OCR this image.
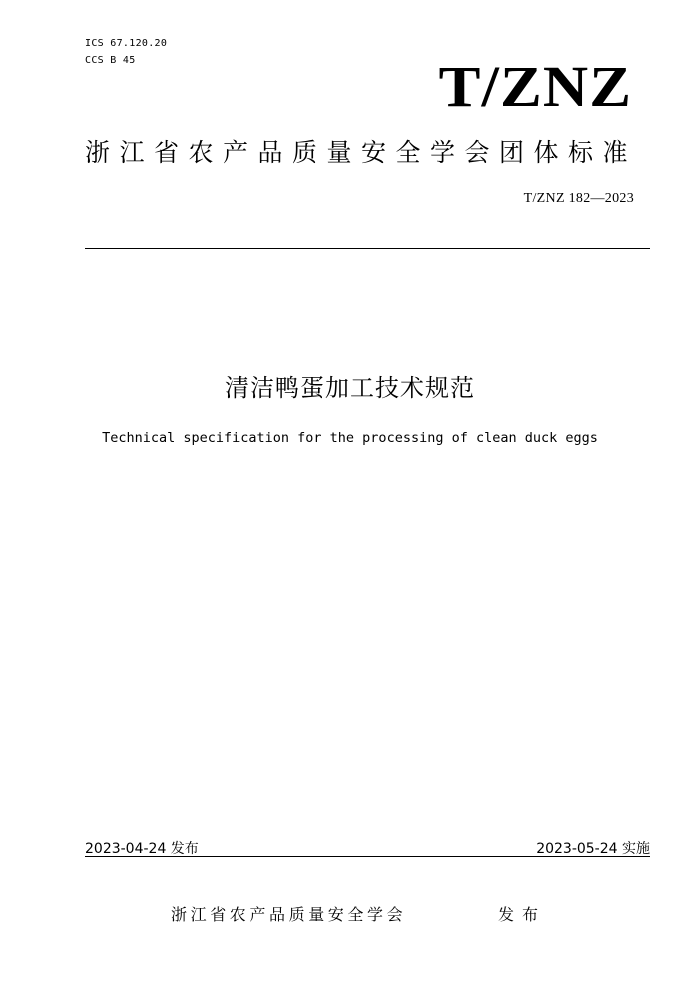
ICS 67.120.20
CCS B 45	T/ZNZ
浙江省农产品质量安全学会团体标准
T/ZNZ 182—2023
清洁鸭蛋加工技术规范
Technical specification for the processing of clean duck eggs
2023-04-24 发布	2023-05-24 实施
浙江省农产品质量安全学会	发布
